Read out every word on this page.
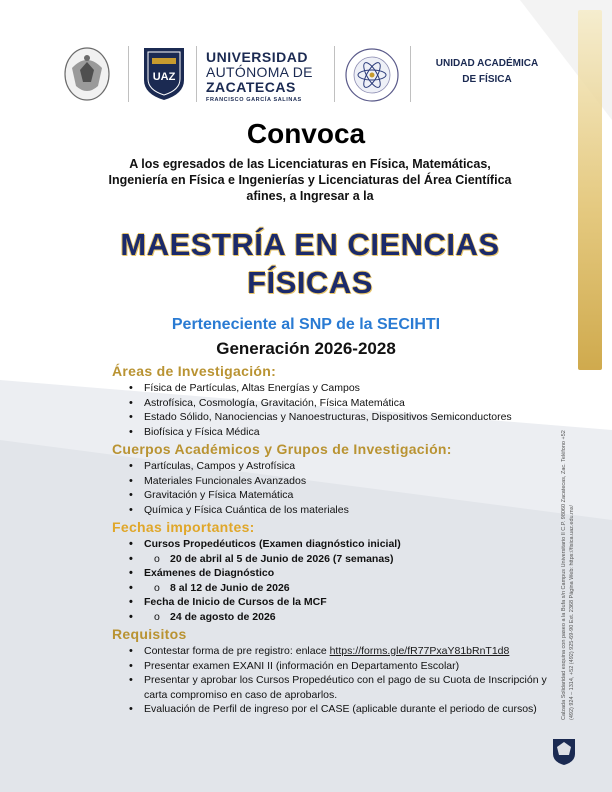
UAZ
UNIVERSIDAD
AUTÓNOMA DE
ZACATECAS
FRANCISCO GARCÍA SALINAS
UNIDAD ACADÉMICA
DE FÍSICA
Convoca
A los egresados de las Licenciaturas en Física, Matemáticas, Ingeniería en Física e Ingenierías y Licenciaturas del Área Científica afines, a Ingresar a la
MAESTRÍA EN CIENCIAS
FÍSICAS
Perteneciente al SNP de la SECIHTI
Generación 2026-2028
Áreas de Investigación:
• Física de Partículas, Altas Energías y Campos
• Astrofísica, Cosmología, Gravitación, Física Matemática
• Estado Sólido, Nanociencias y Nanoestructuras, Dispositivos Semiconductores
• Biofísica y Física Médica
Cuerpos Académicos y Grupos de Investigación:
• Partículas, Campos y Astrofísica
• Materiales Funcionales Avanzados
• Gravitación y Física Matemática
• Química y Física Cuántica de los materiales
Fechas importantes:
• Cursos Propedéuticos (Examen diagnóstico inicial)
• o 20 de abril al 5 de Junio de 2026 (7 semanas)
• Exámenes de Diagnóstico
• o 8 al 12 de Junio de 2026
• Fecha de Inicio de Cursos de la MCF
• o 24 de agosto de 2026
Requisitos
• Contestar forma de pre registro: enlace https://forms.gle/fR77PxaY81bRnT1d8
• Presentar examen EXANI II (información en Departamento Escolar)
• Presentar y aprobar los Cursos Propedéutico con el pago de su Cuota de Inscripción y carta compromiso en caso de aprobarlos.
• Evaluación de Perfil de ingreso por el CASE (aplicable durante el periodo de cursos)	Calzada Solidaridad esquina con paseo a la Bufa s/n Campus Universitario II C.P. 98060 Zacatecas, Zac. Teléfono +52 (492) 924 – 1314, +52 (492) 925-69-90 Ext. 2368 Página Web: https://fisica.uaz.edu.mx/
